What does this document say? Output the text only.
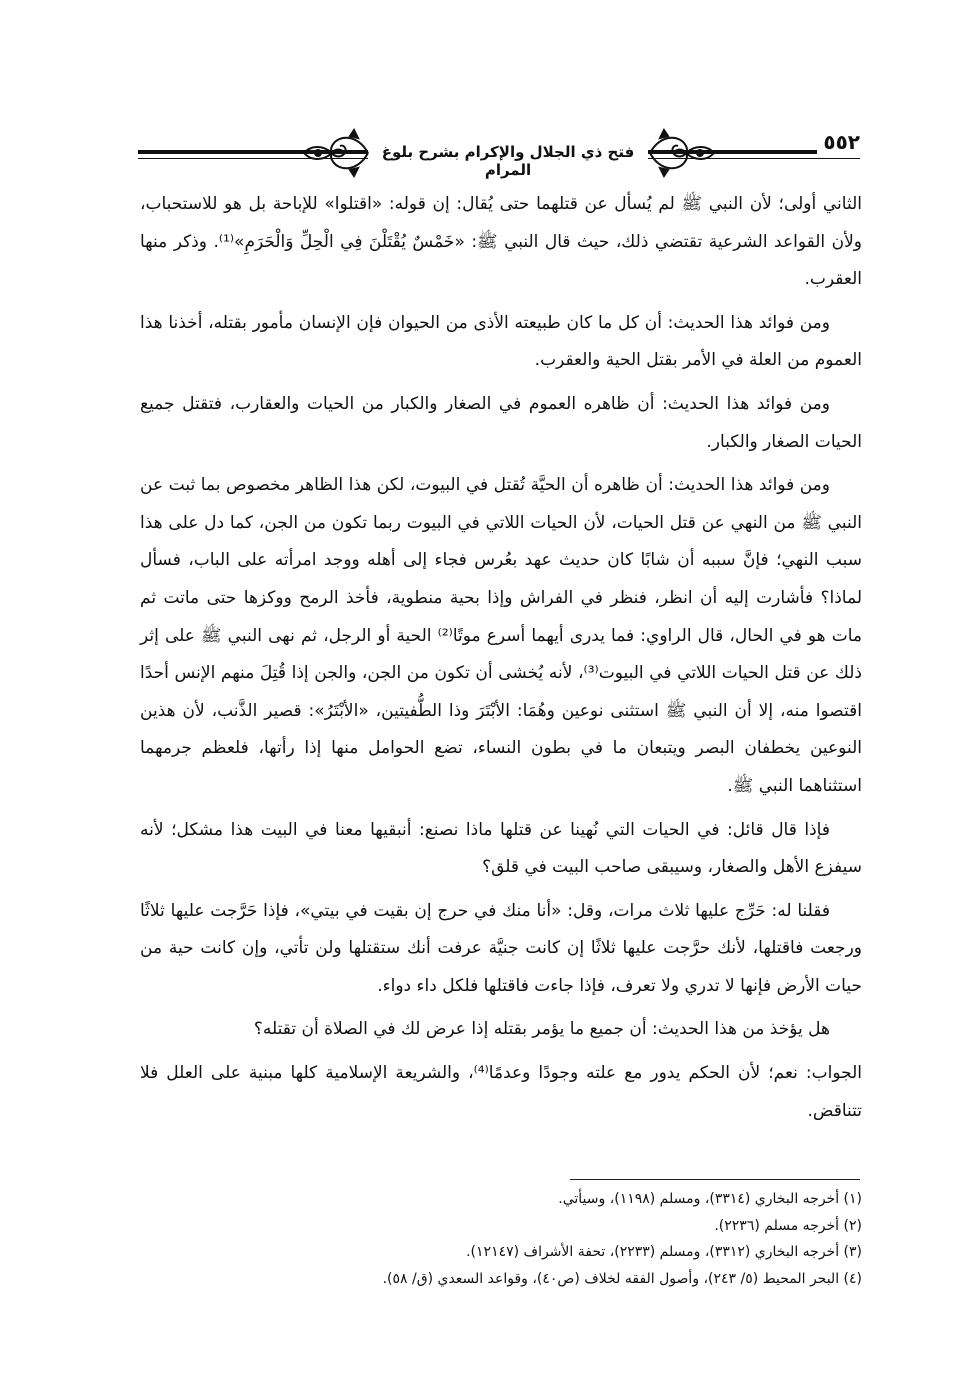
فتح ذي الجلال والإكرام بشرح بلوغ المرام
٥٥٢

الثاني أولى؛ لأن النبي ﷺ لم يُسأل عن قتلهما حتى يُقال: إن قوله: «اقتلوا» للإباحة بل هو للاستحباب، ولأن القواعد الشرعية تقتضي ذلك، حيث قال النبي ﷺ: «خَمْسٌ يُقْتَلْنَ فِي الْحِلِّ وَالْحَرَمِ»⁽¹⁾. وذكر منها العقرب.

ومن فوائد هذا الحديث: أن كل ما كان طبيعته الأذى من الحيوان فإن الإنسان مأمور بقتله، أخذنا هذا العموم من العلة في الأمر بقتل الحية والعقرب.

ومن فوائد هذا الحديث: أن ظاهره العموم في الصغار والكبار من الحيات والعقارب، فتقتل جميع الحيات الصغار والكبار.

ومن فوائد هذا الحديث: أن ظاهره أن الحيَّة تُقتل في البيوت، لكن هذا الظاهر مخصوص بما ثبت عن النبي ﷺ من النهي عن قتل الحيات، لأن الحيات اللاتي في البيوت ربما تكون من الجن، كما دل على هذا سبب النهي؛ فإنَّ سببه أن شابًا كان حديث عهد بعُرس فجاء إلى أهله ووجد امرأته على الباب، فسأل لماذا؟ فأشارت إليه أن انظر، فنظر في الفراش وإذا بحية منطوية، فأخذ الرمح ووكزها حتى ماتت ثم مات هو في الحال، قال الراوي: فما يدرى أيهما أسرع موتًا⁽²⁾ الحية أو الرجل، ثم نهى النبي ﷺ على إثر ذلك عن قتل الحيات اللاتي في البيوت⁽³⁾، لأنه يُخشى أن تكون من الجن، والجن إذا قُتِلَ منهم الإنس أحدًا اقتصوا منه، إلا أن النبي ﷺ استثنى نوعين وهُمَا: الأبْتَرَ وذا الطُّفيتين، «الأبْتَرُ»: قصير الذَّنب، لأن هذين النوعين يخطفان البصر ويتبعان ما في بطون النساء، تضع الحوامل منها إذا رأتها، فلعظم جرمهما استثناهما النبي ﷺ.

فإذا قال قائل: في الحيات التي نُهينا عن قتلها ماذا نصنع: أنبقيها معنا في البيت هذا مشكل؛ لأنه سيفزع الأهل والصغار، وسيبقى صاحب البيت في قلق؟

فقلنا له: حَرِّج عليها ثلاث مرات، وقل: «أنا منك في حرج إن بقيت في بيتي»، فإذا حَرَّجت عليها ثلاثًا ورجعت فاقتلها، لأنك حرَّجت عليها ثلاثًا إن كانت جنيَّة عرفت أنك ستقتلها ولن تأتي، وإن كانت حية من حيات الأرض فإنها لا تدري ولا تعرف، فإذا جاءت فاقتلها فلكل داء دواء.

هل يؤخذ من هذا الحديث: أن جميع ما يؤمر بقتله إذا عرض لك في الصلاة أن تقتله؟

الجواب: نعم؛ لأن الحكم يدور مع علته وجودًا وعدمًا⁽⁴⁾، والشريعة الإسلامية كلها مبنية على العلل فلا تتناقض.

(١) أخرجه البخاري (٣٣١٤)، ومسلم (١١٩٨)، وسيأتي.
(٢) أخرجه مسلم (٢٢٣٦).
(٣) أخرجه البخاري (٣٣١٢)، ومسلم (٢٢٣٣)، تحفة الأشراف (١٢١٤٧).
(٤) البحر المحيط (٥/ ٢٤٣)، وأصول الفقه لخلاف (ص٤٠)، وقواعد السعدي (ق/ ٥٨).
